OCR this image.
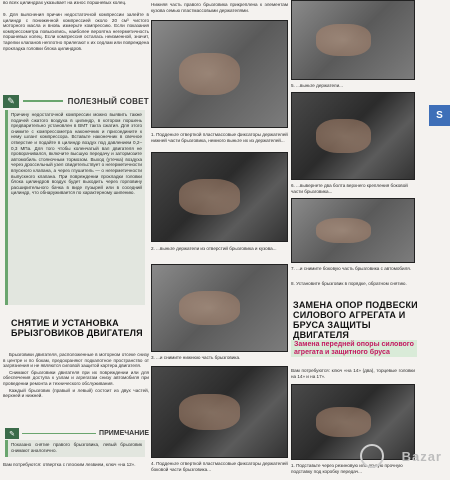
во всех цилиндрах указывает на износ поршневых колец.
9. Для выяснения причин недостаточной компрессии залейте в цилиндр с пониженной компрессией около 20 см³ чистого моторного масла и вновь измерьте компрессию. Если показания компрессометра повысились, наиболее вероятна негерметичность поршневых колец. Если компрессия осталась неизменной, значит, тарелки клапанов неплотно прилегают к их седлам или повреждена прокладка головки блока цилиндров.
✎	ПОЛЕЗНЫЙ СОВЕТ
Причину недостаточной компрессии можно выявить также подачей сжатого воздуха в цилиндр, в котором поршень предварительно установлен в ВМТ такта сжатия. Для этого снимите с компрессометра наконечник и присоедините к нему шланг компрессора. Вставьте наконечник в свечное отверстие и подайте в цилиндр воздух под давлением 0,2–0,3 МПа. Для того чтобы коленчатый вал двигателя не проворачивался, включите высшую передачу и затормозите автомобиль стояночным тормозом. Выход (утечка) воздуха через дроссельный узел свидетельствует о негерметичности впускного клапана, а через глушитель — о негерметичности выпускного клапана. При повреждении прокладки головки блока цилиндров воздух будет выходить через горловину расширительного бачка в виде пузырей или в соседний цилиндр, что обнаруживается по характерному шипению.
СНЯТИЕ И УСТАНОВКА БРЫЗГОВИКОВ ДВИГАТЕЛЯ

Брызговики двигателя, расположенные в моторном отсеке снизу в центре и по бокам, предохраняют подкапотное пространство от загрязнения и не являются силовой защитой картера двигателя.

Снимают брызговики двигателя при их повреждении или для обеспечения доступа к узлам и агрегатам снизу автомобиля при проведении ремонта и технического обслуживания.

Каждый брызговик (правый и левый) состоит из двух частей, верхней и нижней.

✎	ПРИМЕЧАНИЕ
Показано снятие правого брызговика, левый брызговик снимают аналогично.
Вам потребуются: отвертка с плоским лезвием, ключ «на 12».
Нижняя часть правого брызговика прикреплена к элементам кузова семью пластмассовыми держателями.
1. Подденьте отверткой пластмассовые фиксаторы держателей нижней части брызговика, немного выньте их из держателей...
2. ...выньте держатели из отверстий брызговика и кузова...
3. ...и снимите нижнюю часть брызговика.
4. Подденьте отверткой пластмассовые фиксаторы держателей боковой части брызговика...
5. ...выньте держатели...
6. ...вывернете два болта верхнего крепления боковой части брызговика...
7. ...и снимите боковую часть брызговика с автомобиля.
8. Установите брызговик в порядке, обратном снятию.
ЗАМЕНА ОПОР ПОДВЕСКИ СИЛОВОГО АГРЕГАТА И БРУСА ЗАЩИТЫ ДВИГАТЕЛЯ
Замена передней опоры силового агрегата и защитного бруса
Вам потребуются: ключ «на 14» (два), торцевые головки на 14» и на 17».
1. Подставьте через резиновую или другую прочную подставку под коробку передач...
S
Bazar
